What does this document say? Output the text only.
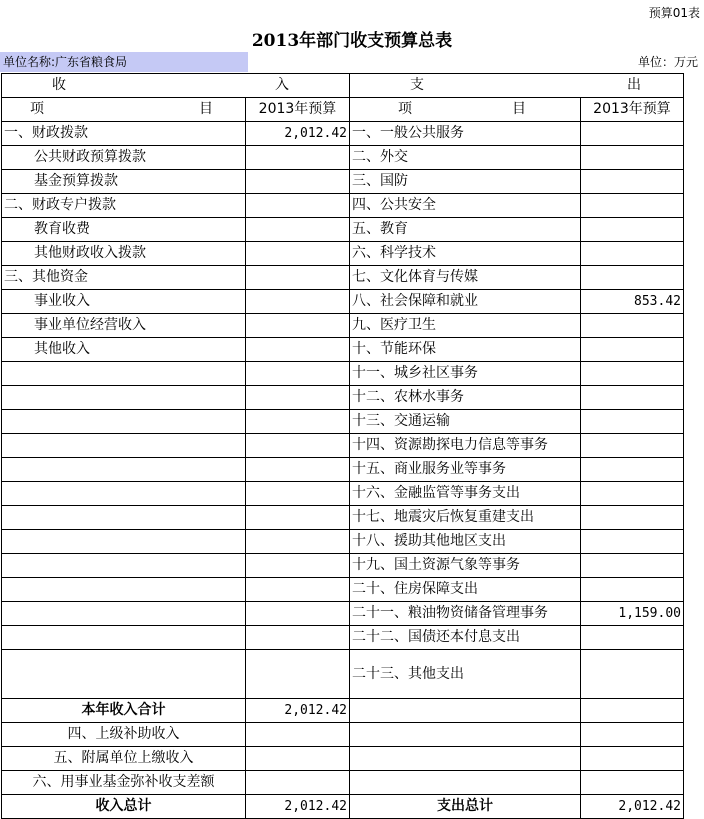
预算01表
2013年部门收支预算总表
单位名称:广东省粮食局	单位：万元
收 入		支 出	

项 目	2013年预算	项 目	2013年预算
一、财政拨款	2,012.42	一、一般公共服务	
公共财政预算拨款		二、外交	
基金预算拨款		三、国防	
二、财政专户拨款		四、公共安全	
教育收费		五、教育	
其他财政收入拨款		六、科学技术	
三、其他资金		七、文化体育与传媒	
事业收入		八、社会保障和就业	853.42
事业单位经营收入		九、医疗卫生	
其他收入		十、节能环保	
		十一、城乡社区事务	
		十二、农林水事务	
		十三、交通运输	
		十四、资源勘探电力信息等事务	
		十五、商业服务业等事务	
		十六、金融监管等事务支出	
		十七、地震灾后恢复重建支出	
		十八、援助其他地区支出	
		十九、国土资源气象等事务	
		二十、住房保障支出	
		二十一、粮油物资储备管理事务	1,159.00
		二十二、国债还本付息支出	
		二十三、其他支出	
本年收入合计	2,012.42		
四、上级补助收入			
五、附属单位上缴收入			
六、用事业基金弥补收支差额			
收入总计	2,012.42	支出总计	2,012.42
